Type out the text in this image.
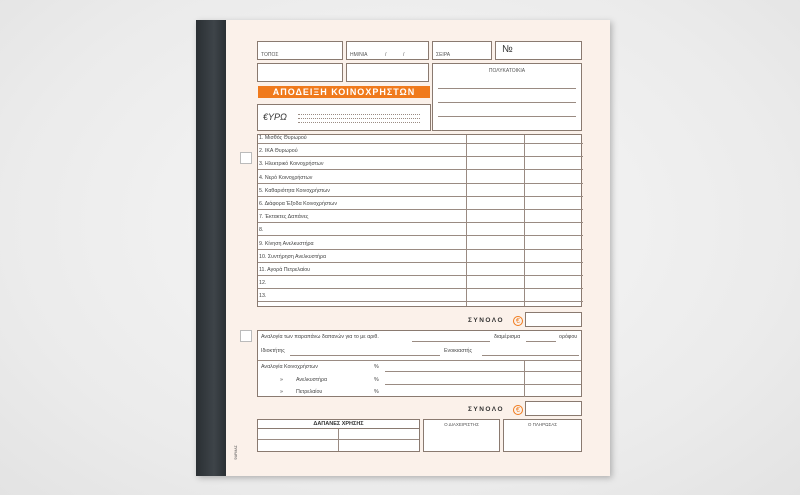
ΤΟΠΟΣ	ΗΜ/ΝΙΑ	/	/	ΣΕΙΡΑ	№
ΠΟΛΥΚΑΤΟΙΚΙΑ
€ΥΡΩ
1. Μισθός Θυρωρού
2. ΙΚΑ Θυρωρού
3. Ηλεκτρικό Κοινοχρήστων
4. Νερό Κοινοχρήστων
5. Καθαριότητα Κοινοχρήστων
6. Διάφορα Έξοδα Κοινοχρήστων
7. Έκτακτες Δαπάνες
8.
9. Κίνηση Ανελκυστήρα
10. Συντήρηση Ανελκυστήρα
11. Αγορά Πετρελαίου
12.
13.
ΣΥΝΟΛΟ	€
Αναλογία των παραπάνω δαπανών για το με αριθ.	διαμέρισμα	ορόφου
Ιδιοκτήτης	Ενοικιαστής
Αναλογία Κοινοχρήστων	%
» Ανελκυστήρα	%
» Πετρελαίου	%
ΣΥΝΟΛΟ	€
ΔΑΠΑΝΕΣ ΧΡΗΣΗΣ	Ο ΔΙΑΧΕΙΡΙΣΤΗΣ	Ο ΠΛΗΡΩΣΑΣ
ΦΑΡΜΑΣ
ΑΠΟΔΕΙΞΗ ΚΟΙΝΟΧΡΗΣΤΩΝ
